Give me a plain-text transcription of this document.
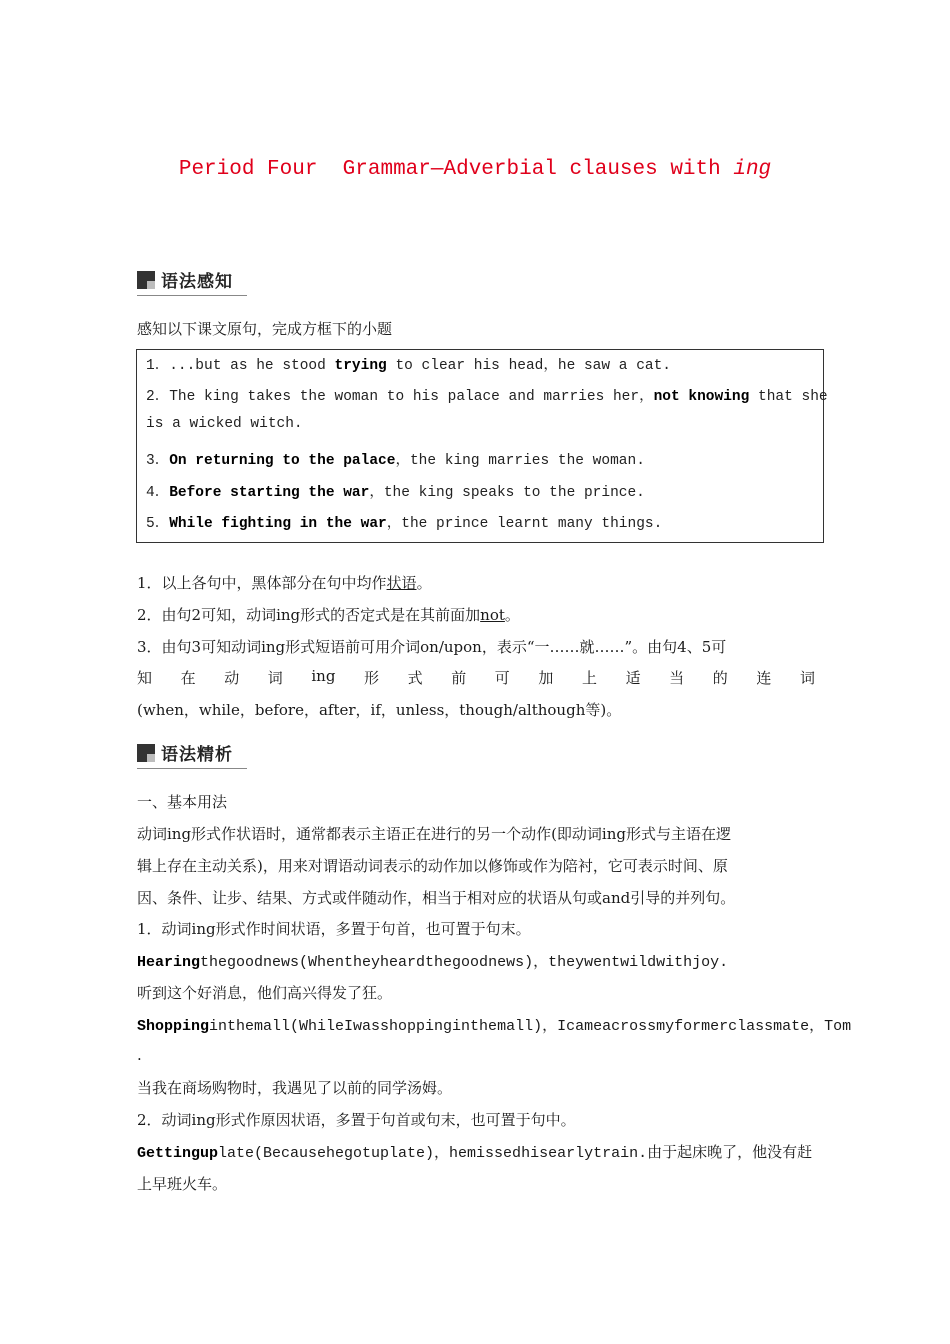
Period Four  Grammar—Adverbial clauses with ing
语法感知
感知以下课文原句，完成方框下的小题
1．...but as he stood trying to clear his head，he saw a cat.
2．The king takes the woman to his palace and marries her，not knowing that she
is a wicked witch.
3．On returning to the palace，the king marries the woman.
4．Before starting the war，the king speaks to the prince.
5．While fighting in the war，the prince learnt many things.
1．以上各句中，黑体部分在句中均作状语。
2．由句2可知，动词ing形式的否定式是在其前面加not。
3．由句3可知动词ing形式短语前可用介词on/upon，表示“一……就……”。由句4、5可
知 在 动 词 ing 形 式 前 可 加 上 适 当 的 连 词
(when，while，before，after，if，unless，though/although等)。
语法精析
一、基本用法
动词ing形式作状语时，通常都表示主语正在进行的另一个动作(即动词ing形式与主语在逻
辑上存在主动关系)，用来对谓语动词表示的动作加以修饰或作为陪衬，它可表示时间、原
因、条件、让步、结果、方式或伴随动作，相当于相对应的状语从句或and引导的并列句。
1．动词ing形式作时间状语，多置于句首，也可置于句末。
Hearingthegoodnews(Whentheyheardthegoodnews)，theywentwildwithjoy.
听到这个好消息，他们高兴得发了狂。
Shoppinginthemall(WhileIwasshoppinginthemall)，Icameacrossmyformerclassmate，Tom
.
当我在商场购物时，我遇见了以前的同学汤姆。
2．动词ing形式作原因状语，多置于句首或句末，也可置于句中。
Gettinguplate(Becausehegotuplate)，hemissedhisearlytrain.由于起床晚了，他没有赶
上早班火车。
